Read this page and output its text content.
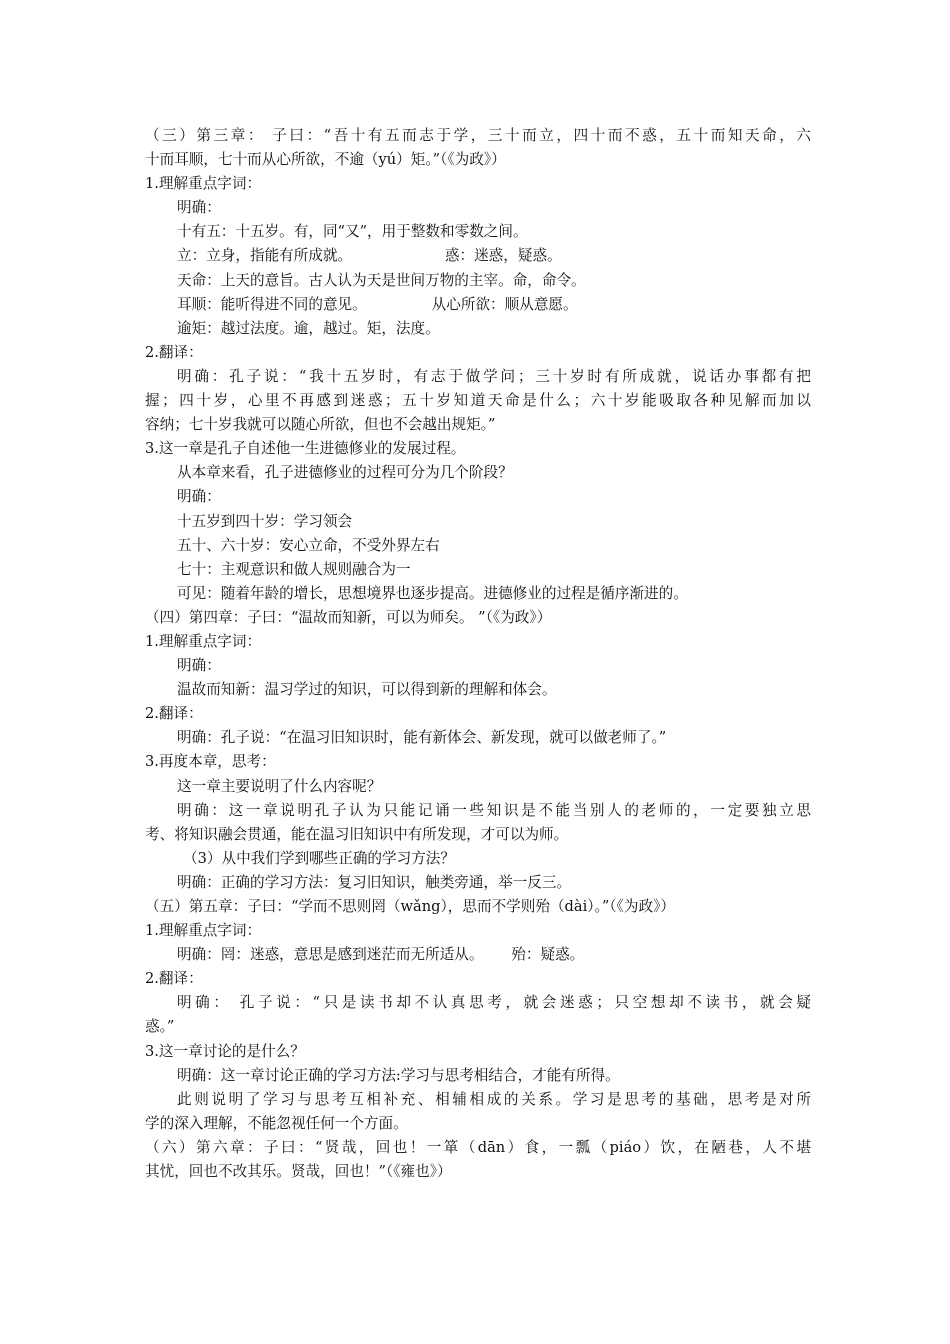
（三）第三章： 子曰：“吾十有五而志于学，三十而立，四十而不惑，五十而知天命，六
十而耳顺，七十而从心所欲，不逾（yú）矩。”（《为政》）
1.理解重点字词：
明确：
十有五：十五岁。有，同“又”，用于整数和零数之间。
立：立身，指能有所成就。                    惑：迷惑，疑惑。
天命：上天的意旨。古人认为天是世间万物的主宰。命，命令。
耳顺：能听得进不同的意见。              从心所欲：顺从意愿。
逾矩：越过法度。逾，越过。矩，法度。
2.翻译：
明确：孔子说：“我十五岁时，有志于做学问；三十岁时有所成就，说话办事都有把
握；四十岁，心里不再感到迷惑；五十岁知道天命是什么；六十岁能吸取各种见解而加以
容纳；七十岁我就可以随心所欲，但也不会越出规矩。”
3.这一章是孔子自述他一生进德修业的发展过程。
从本章来看，孔子进德修业的过程可分为几个阶段？
明确：
十五岁到四十岁：学习领会
五十、六十岁：安心立命，不受外界左右
七十：主观意识和做人规则融合为一
可见：随着年龄的增长，思想境界也逐步提高。进德修业的过程是循序渐进的。
（四）第四章：子曰：“温故而知新，可以为师矣。 ”（《为政》）
1.理解重点字词：
明确：
温故而知新：温习学过的知识，可以得到新的理解和体会。
2.翻译：
明确：孔子说：“在温习旧知识时，能有新体会、新发现，就可以做老师了。”
3.再度本章，思考：
这一章主要说明了什么内容呢？
明确：这一章说明孔子认为只能记诵一些知识是不能当别人的老师的，一定要独立思
考、将知识融会贯通，能在温习旧知识中有所发现，才可以为师。
（3）从中我们学到哪些正确的学习方法？
明确：正确的学习方法：复习旧知识，触类旁通，举一反三。
（五）第五章：子曰：“学而不思则罔（wǎng），思而不学则殆（dài）。”（《为政》）
1.理解重点字词：
明确：罔：迷惑，意思是感到迷茫而无所适从。      殆：疑惑。
2.翻译：
明确： 孔子说：“只是读书却不认真思考，就会迷惑；只空想却不读书，就会疑
惑。”
3.这一章讨论的是什么？
明确：这一章讨论正确的学习方法:学习与思考相结合，才能有所得。
此则说明了学习与思考互相补充、相辅相成的关系。学习是思考的基础，思考是对所
学的深入理解，不能忽视任何一个方面。
（六）第六章：子曰：“贤哉，回也！一箪（dān）食，一瓢（piáo）饮，在陋巷，人不堪
其忧，回也不改其乐。贤哉，回也！”（《雍也》）
